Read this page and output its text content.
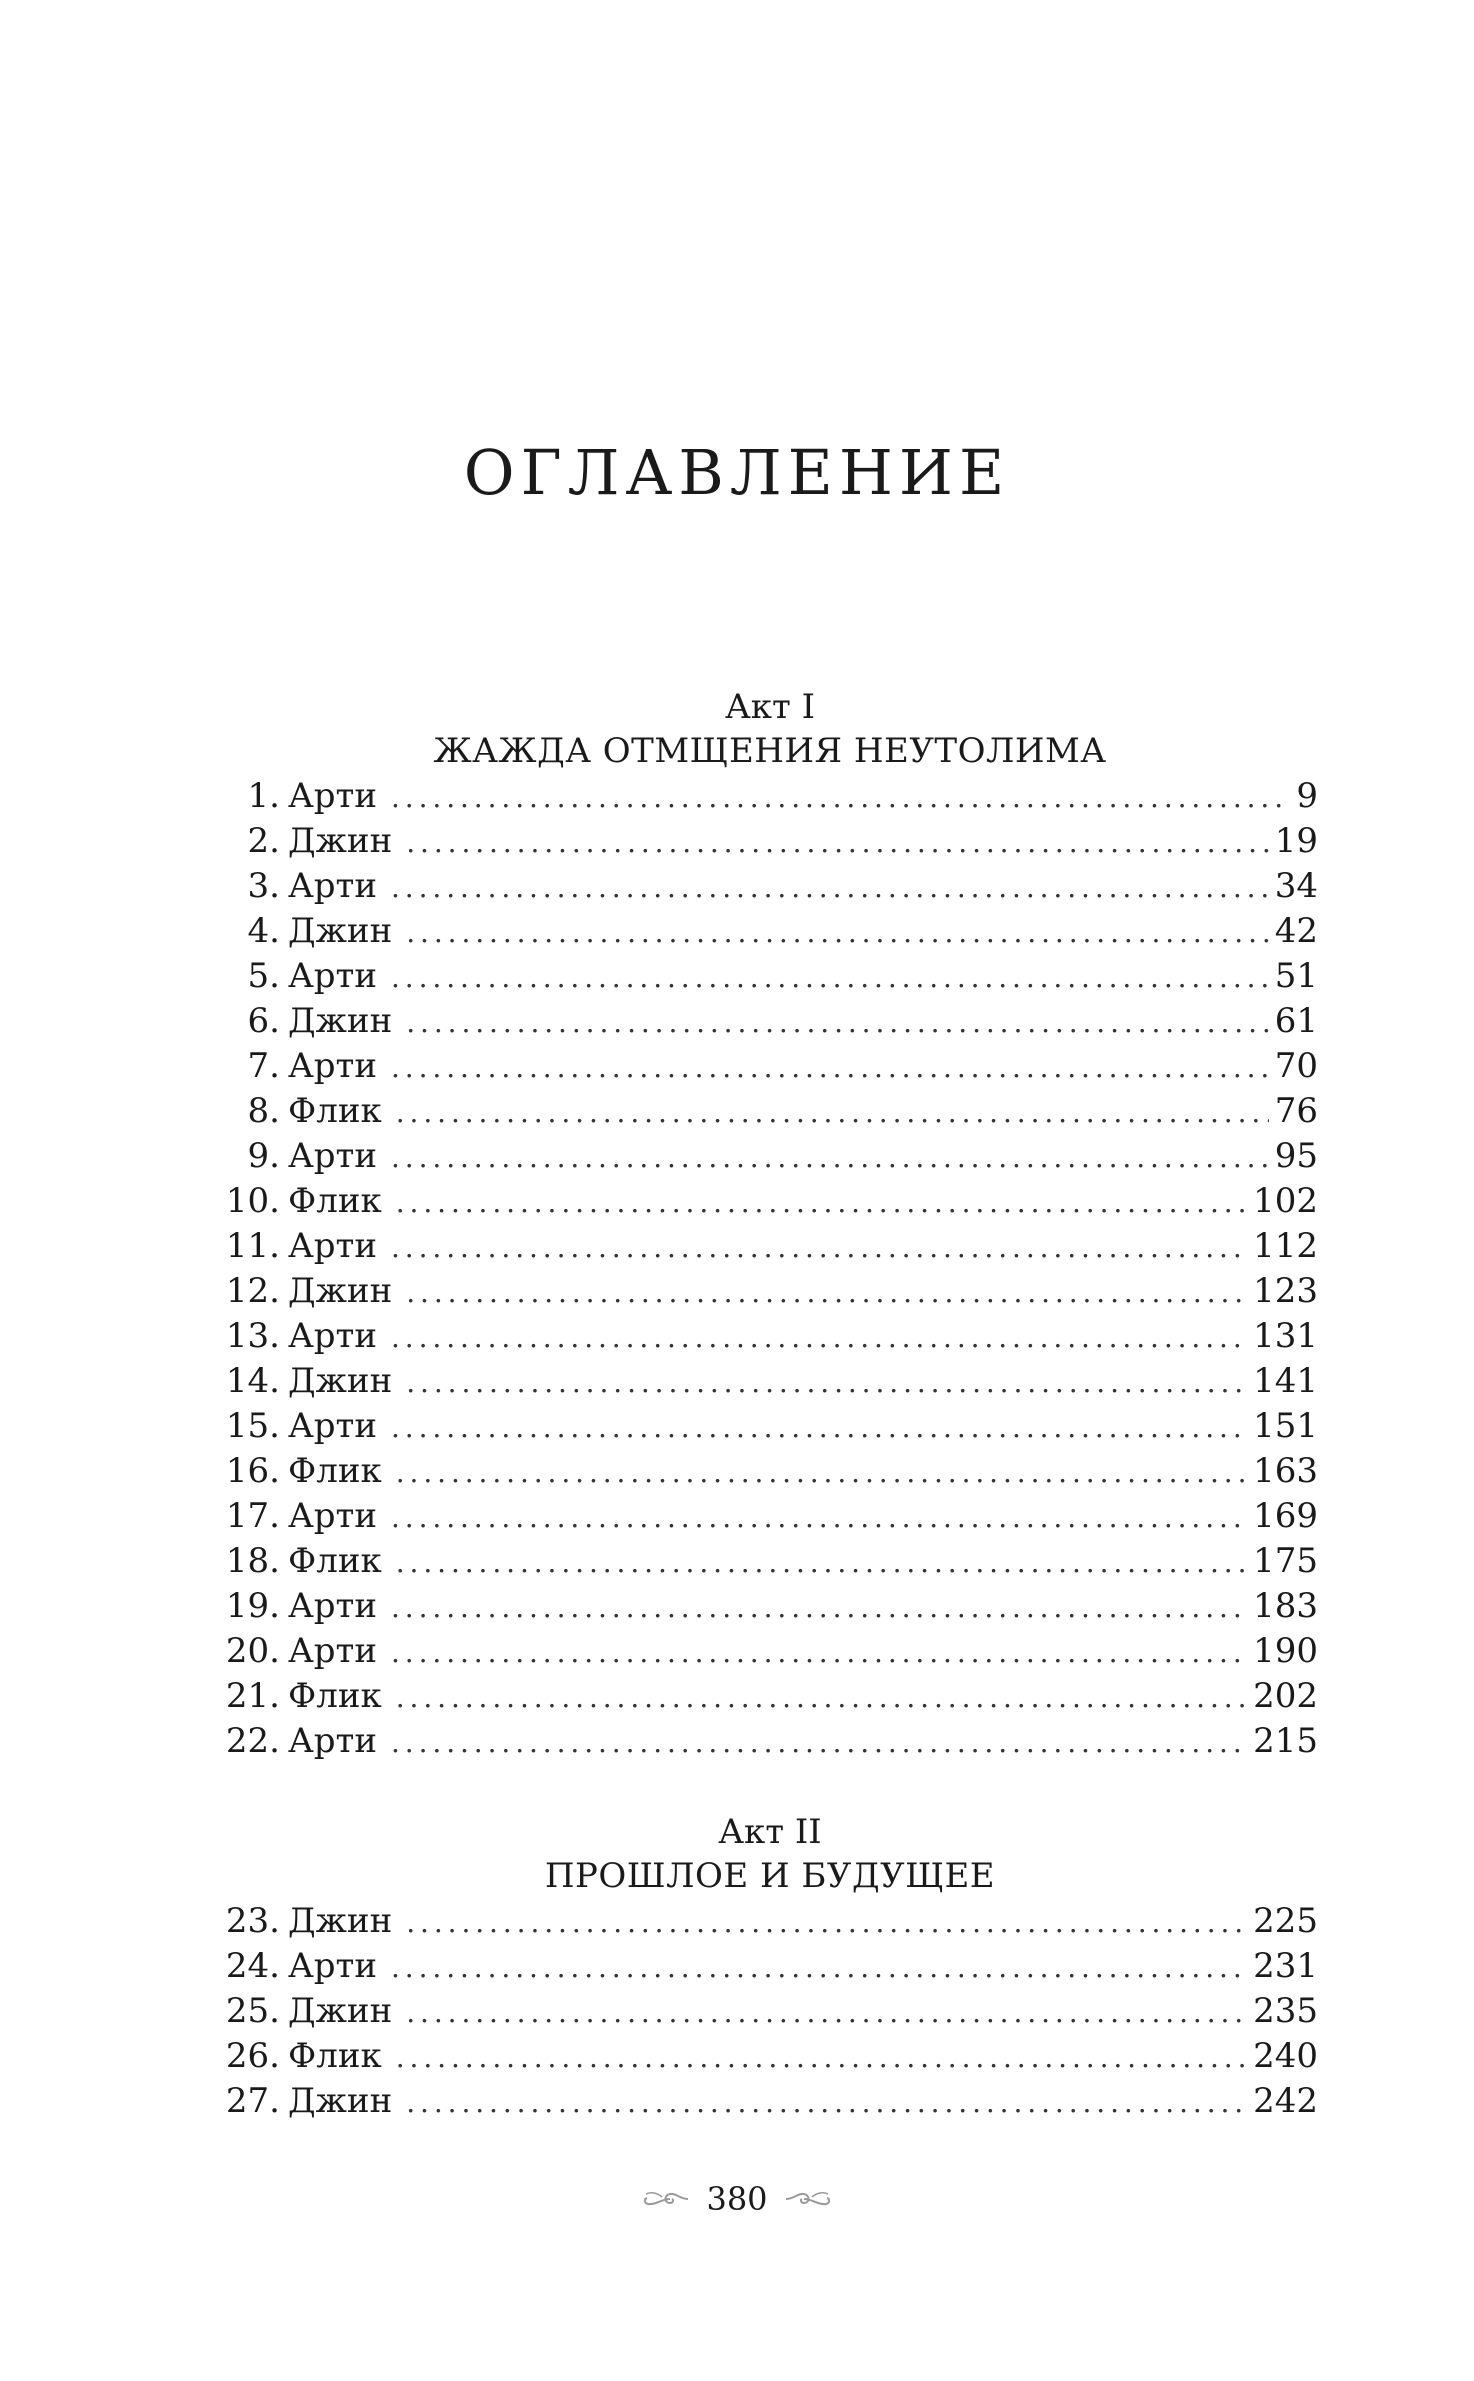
ОГЛАВЛЕНИЕ

Акт I

ЖАЖДА ОТМЩЕНИЯ НЕУТОЛИМА

1. Арти . . .	9
2. Джин . . .	19
3. Арти . . .	34
4. Джин . . .	42
5. Арти . . .	51
6. Джин . . .	61
7. Арти . . .	70
8. Флик . . .	76
9. Арти . . .	95
10. Флик . . .	102
11. Арти . . .	112
12. Джин . . .	123
13. Арти . . .	131
14. Джин . . .	141
15. Арти . . .	151
16. Флик . . .	163
17. Арти . . .	169
18. Флик . . .	175
19. Арти . . .	183
20. Арти . . .	190
21. Флик . . .	202
22. Арти . . .	215

Акт II

ПРОШЛОЕ И БУДУЩЕЕ

23. Джин . . .	225
24. Арти . . .	231
25. Джин . . .	235
26. Флик . . .	240
27. Джин . . .	242
380
